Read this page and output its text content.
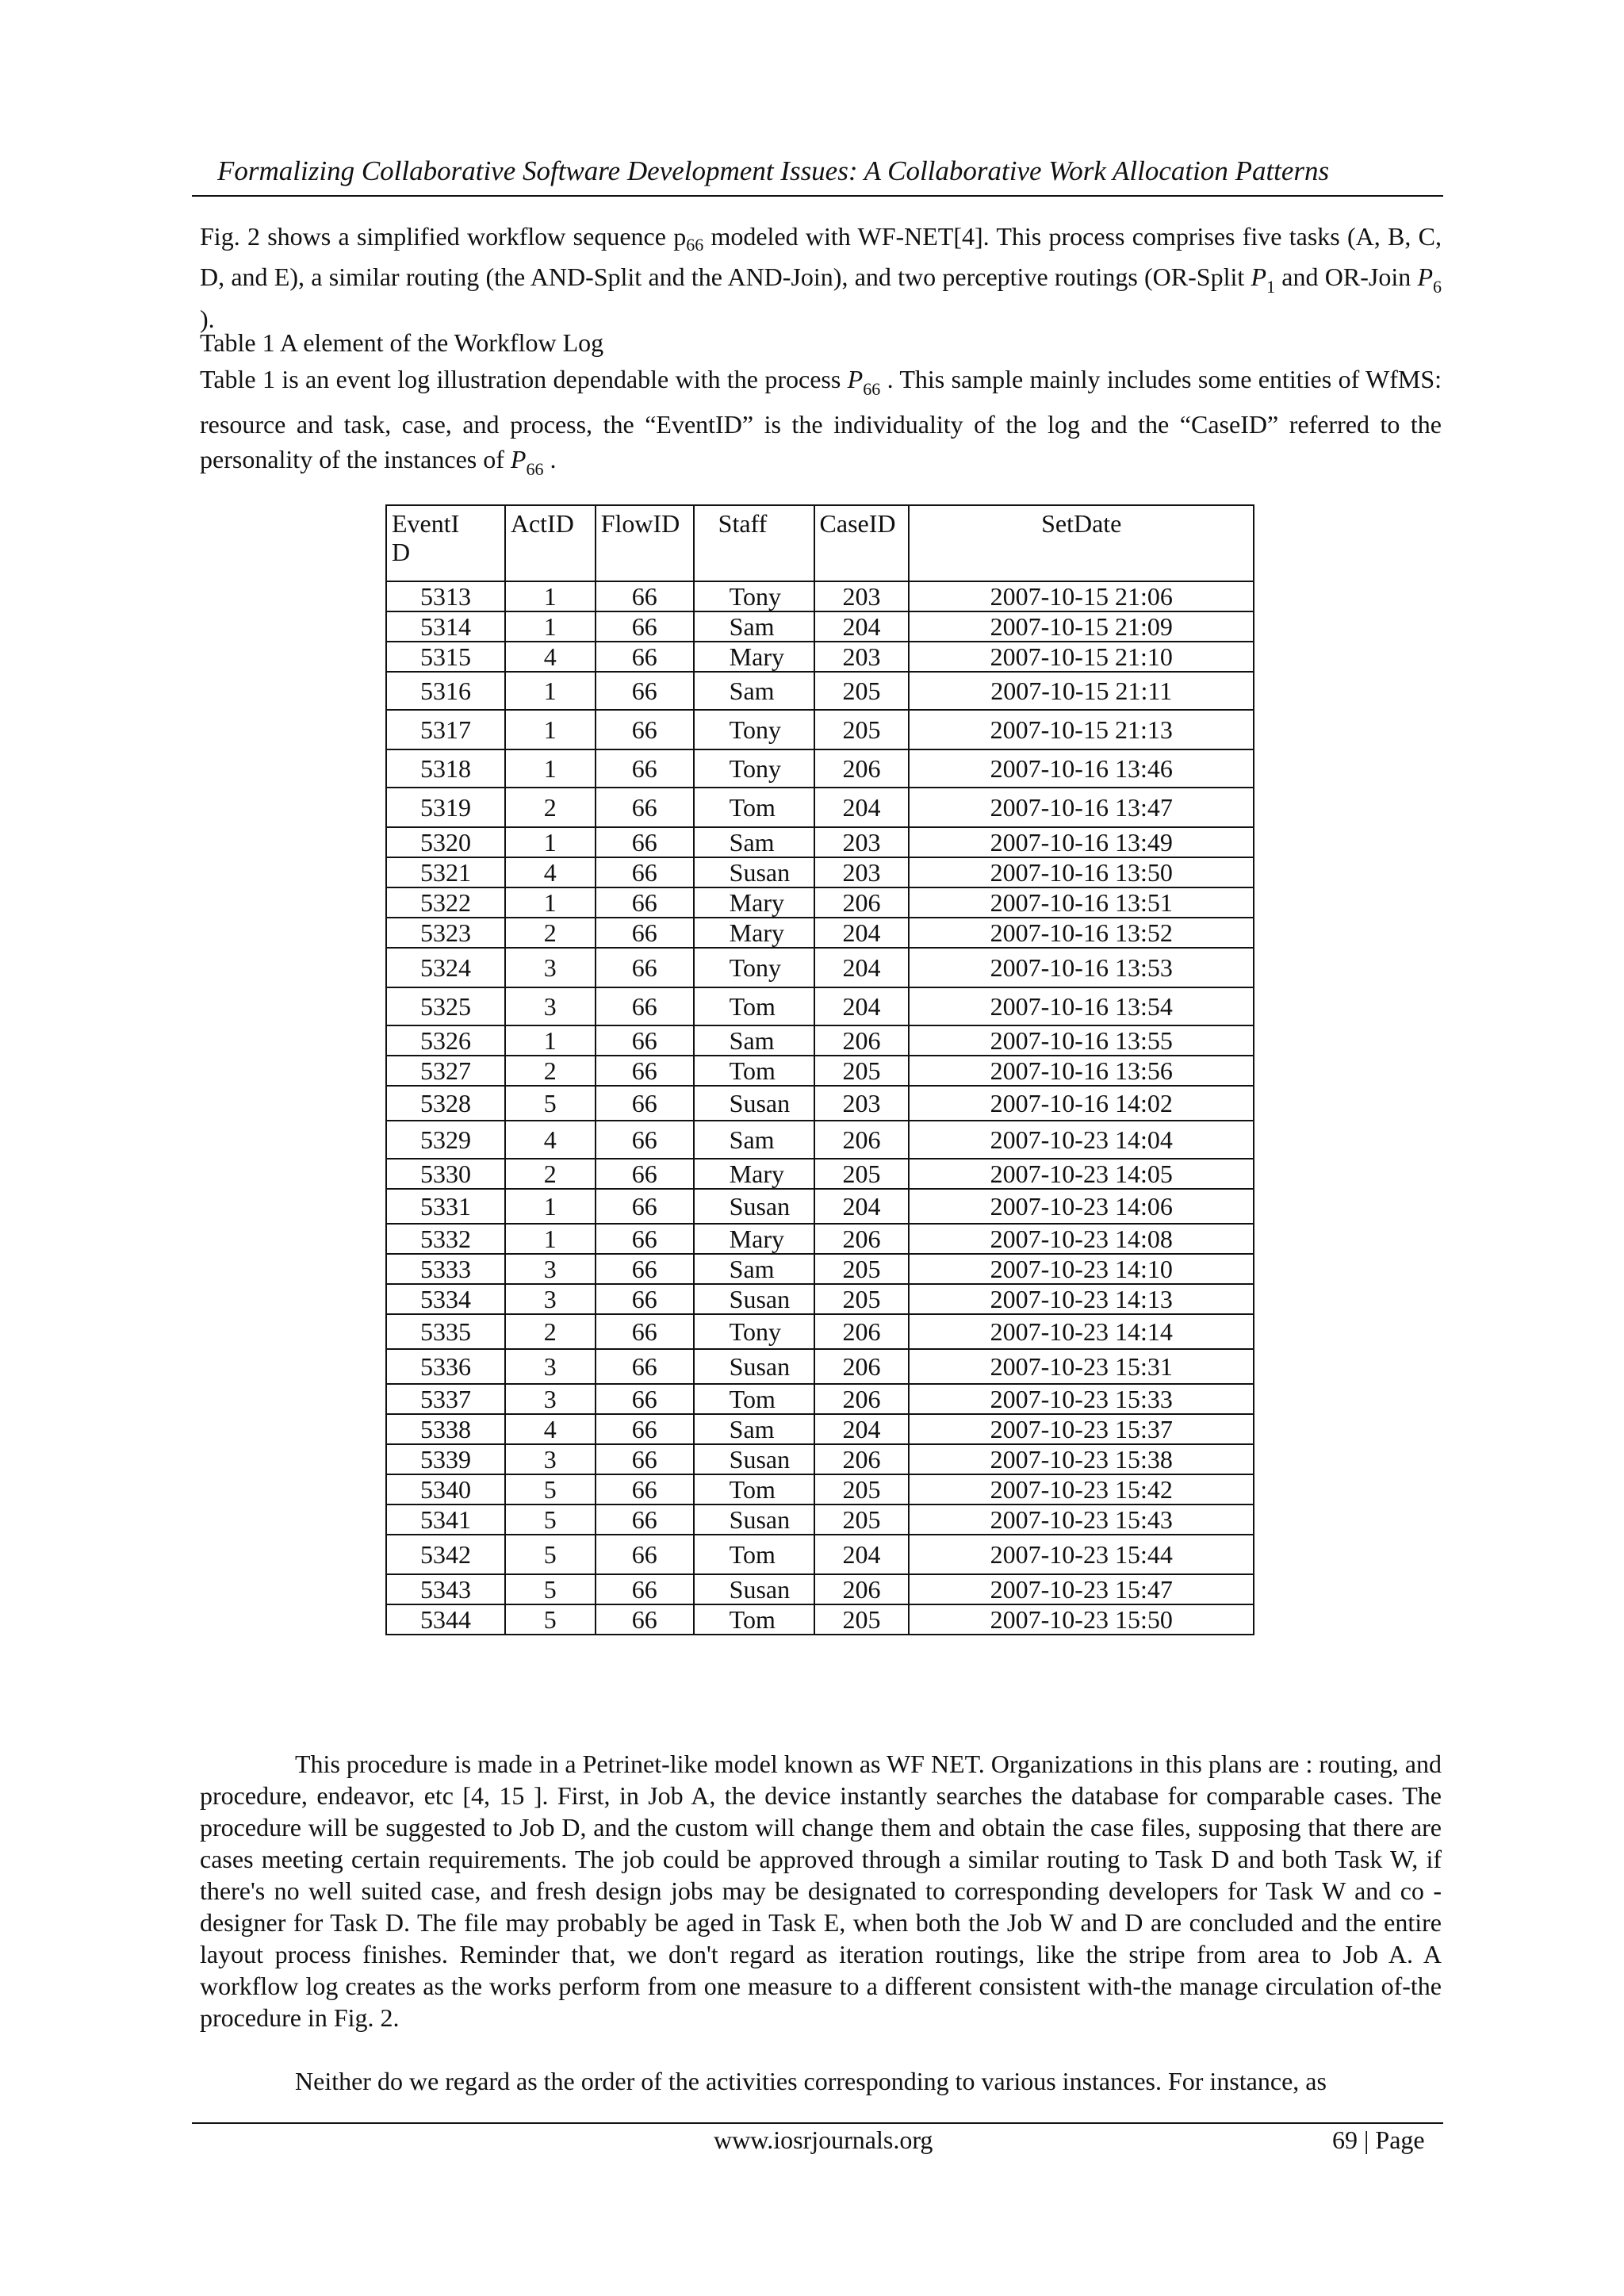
Formalizing Collaborative Software Development Issues: A Collaborative Work Allocation Patterns
Fig. 2 shows a simplified workflow sequence $p_{66}$ modeled with WF-NET[4]. This process comprises five tasks (A, B, C, D, and E), a similar routing (the AND-Split and the AND-Join), and two perceptive routings (OR-Split $P_1$ and OR-Join $P_6$ ).
Table 1 A element of the Workflow Log
Table 1 is an event log illustration dependable with the process $P_{66}$ . This sample mainly includes some entities of WfMS: resource and task, case, and process, the “EventID” is the individuality of the log and the “CaseID” referred to the personality of the instances of $P_{66}$ .
EventI
D	ActID	FlowID	Staff	CaseID	SetDate
5313	1	66	Tony	203	2007-10-15 21:06
5314	1	66	Sam	204	2007-10-15 21:09
5315	4	66	Mary	203	2007-10-15 21:10
5316	1	66	Sam	205	2007-10-15 21:11
5317	1	66	Tony	205	2007-10-15 21:13
5318	1	66	Tony	206	2007-10-16 13:46
5319	2	66	Tom	204	2007-10-16 13:47
5320	1	66	Sam	203	2007-10-16 13:49
5321	4	66	Susan	203	2007-10-16 13:50
5322	1	66	Mary	206	2007-10-16 13:51
5323	2	66	Mary	204	2007-10-16 13:52
5324	3	66	Tony	204	2007-10-16 13:53
5325	3	66	Tom	204	2007-10-16 13:54
5326	1	66	Sam	206	2007-10-16 13:55
5327	2	66	Tom	205	2007-10-16 13:56
5328	5	66	Susan	203	2007-10-16 14:02
5329	4	66	Sam	206	2007-10-23 14:04
5330	2	66	Mary	205	2007-10-23 14:05
5331	1	66	Susan	204	2007-10-23 14:06
5332	1	66	Mary	206	2007-10-23 14:08
5333	3	66	Sam	205	2007-10-23 14:10
5334	3	66	Susan	205	2007-10-23 14:13
5335	2	66	Tony	206	2007-10-23 14:14
5336	3	66	Susan	206	2007-10-23 15:31
5337	3	66	Tom	206	2007-10-23 15:33
5338	4	66	Sam	204	2007-10-23 15:37
5339	3	66	Susan	206	2007-10-23 15:38
5340	5	66	Tom	205	2007-10-23 15:42
5341	5	66	Susan	205	2007-10-23 15:43
5342	5	66	Tom	204	2007-10-23 15:44
5343	5	66	Susan	206	2007-10-23 15:47
5344	5	66	Tom	205	2007-10-23 15:50
This procedure is made in a Petrinet-like model known as WF NET. Organizations in this plans are : routing, and procedure, endeavor, etc [4, 15 ]. First, in Job A, the device instantly searches the database for comparable cases. The procedure will be suggested to Job D, and the custom will change them and obtain the case files, supposing that there are cases meeting certain requirements. The job could be approved through a similar routing to Task D and both Task W, if there's no well suited case, and fresh design jobs may be designated to corresponding developers for Task W and co - designer for Task D. The file may probably be aged in Task E, when both the Job W and D are concluded and the entire layout process finishes. Reminder that, we don't regard as iteration routings, like the stripe from area to Job A. A workflow log creates as the works perform from one measure to a different consistent with-the manage circulation of-the procedure in Fig. 2.
Neither do we regard as the order of the activities corresponding to various instances. For instance, as
www.iosrjournals.org	69 | Page
